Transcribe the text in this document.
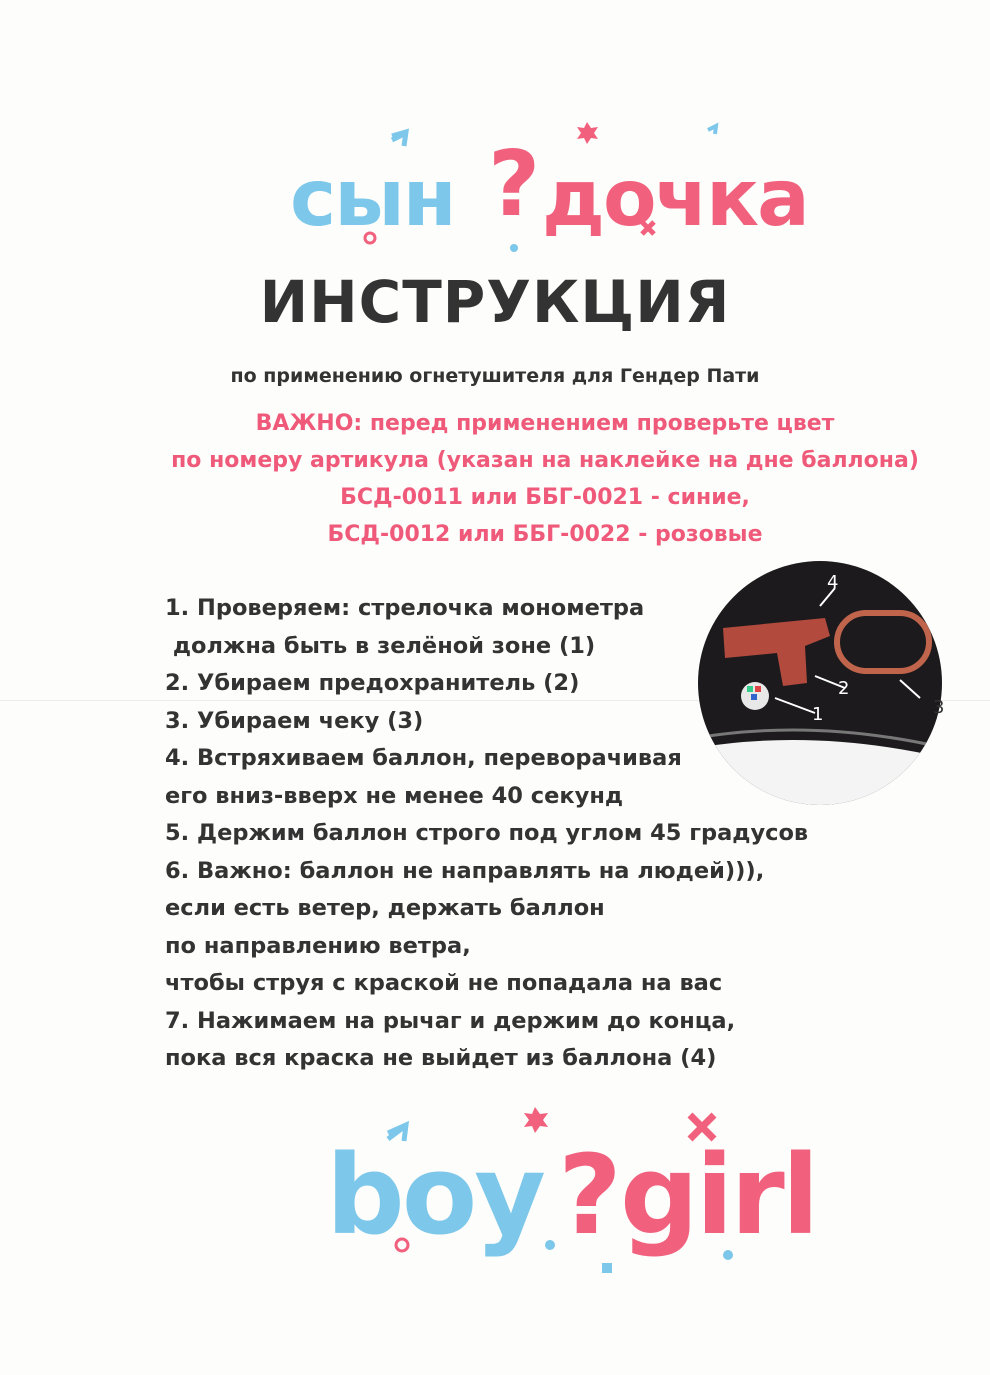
сын ? дочка
ИНСТРУКЦИЯ
по применению огнетушителя для Гендер Пати
ВАЖНО: перед применением проверьте цвет
по номеру артикула (указан на наклейке на дне баллона)
БСД-0011 или ББГ-0021 - синие,
БСД-0012 или ББГ-0022 - розовые
1. Проверяем: стрелочка монометра
должна быть в зелёной зоне (1)
2. Убираем предохранитель (2)
3. Убираем чеку (3)
4. Встряхиваем баллон, переворачивая
его вниз-вверх не менее 40 секунд
5. Держим баллон строго под углом 45 градусов
6. Важно: баллон не направлять на людей))),
если есть ветер, держать баллон
по направлению ветра,
чтобы струя с краской не попадала на вас
7. Нажимаем на рычаг и держим до конца,
пока вся краска не выйдет из баллона (4)
4
2
3
1
boy ? girl
